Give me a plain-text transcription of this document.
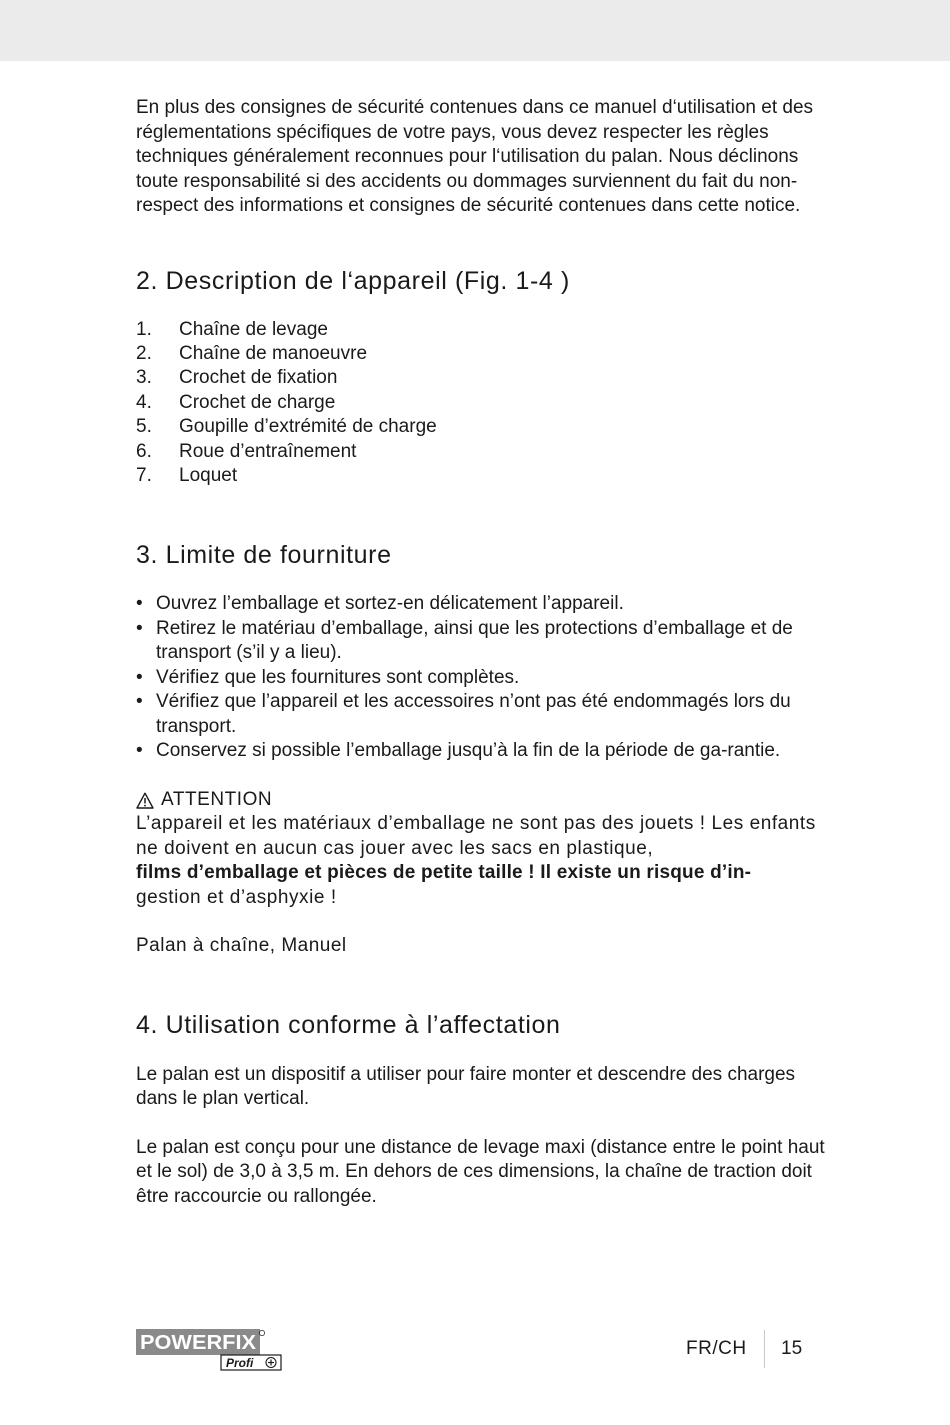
En plus des consignes de sécurité contenues dans ce manuel d‘utilisation et des réglementations spécifiques de votre pays, vous devez respecter les règles techniques généralement reconnues pour l‘utilisation du palan. Nous déclinons toute responsabilité si des accidents ou dommages surviennent du fait du non-respect des informations et consignes de sécurité contenues dans cette notice.

2. Description de l‘appareil (Fig. 1-4 )
1.	Chaîne de levage
2.	Chaîne de manoeuvre
3.	Crochet de fixation
4.	Crochet de charge
5.	Goupille d’extrémité de charge
6.	Roue d’entraînement
7.	Loquet
3. Limite de fourniture
• Ouvrez l’emballage et sortez-en délicatement l’appareil.
• Retirez le matériau d’emballage, ainsi que les protections d’emballage et de transport (s’il y a lieu).
• Vérifiez que les fournitures sont complètes.
• Vérifiez que l’appareil et les accessoires n’ont pas été endommagés lors du transport.
• Conservez si possible l’emballage jusqu’à la fin de la période de ga-rantie.

ATTENTION

L’appareil et les matériaux d’emballage ne sont pas des jouets ! Les enfants ne doivent en aucun cas jouer avec les sacs en plastique,
films d’emballage et pièces de petite taille ! Il existe un risque d’in-
gestion et d’asphyxie !

Palan à chaîne, Manuel

4. Utilisation conforme à l’affectation

Le palan est un dispositif a utiliser pour faire monter et descendre des charges dans le plan vertical.

Le palan est conçu pour une distance de levage maxi (distance entre le point haut et le sol) de 3,0 à 3,5 m. En dehors de ces dimensions, la chaîne de traction doit être raccourcie ou rallongée.

POWERFIX
Profi
FR/CH 15
